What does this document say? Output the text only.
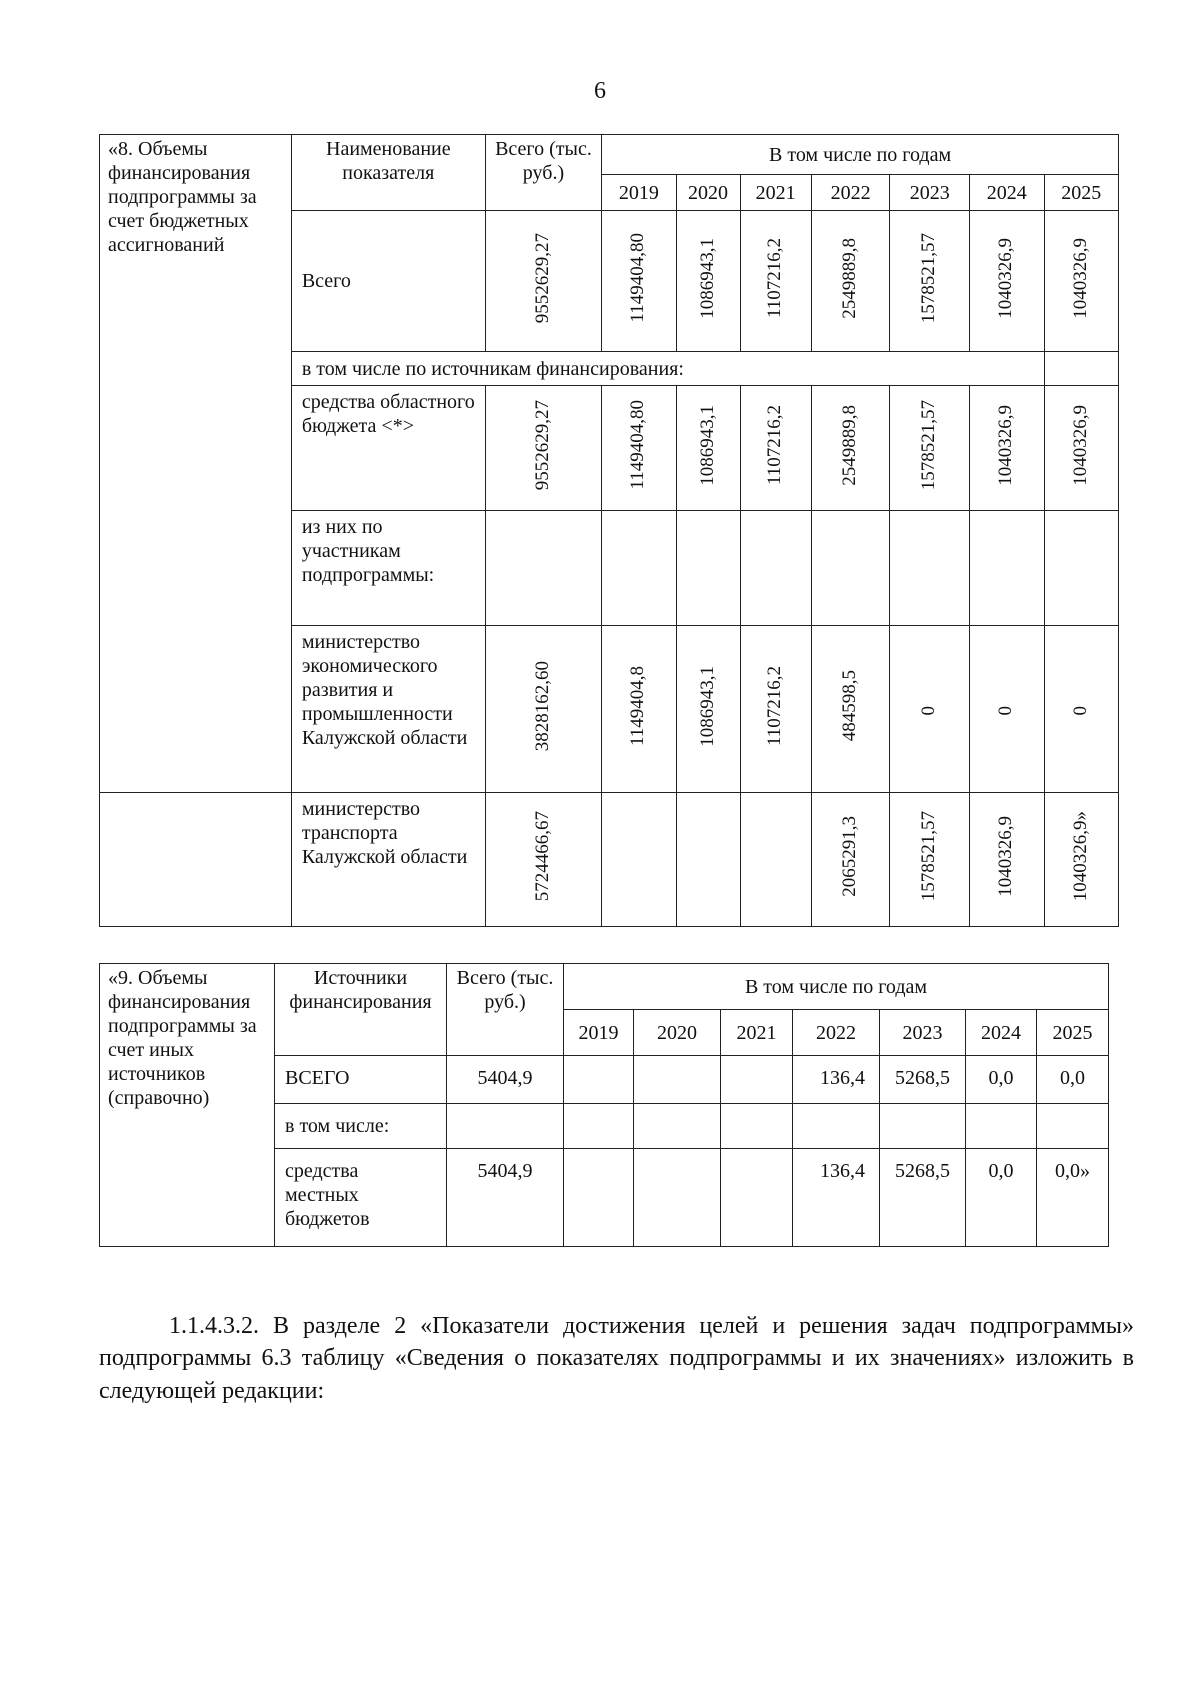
6
«8. Объемы финансирования подпрограммы за счет бюджетных ассигнований	Наименование показателя	Всего (тыс. руб.)	В том числе по годам						
			2019	2020	2021	2022	2023	2024	2025
	Всего	9552629,27	1149404,80	1086943,1	1107216,2	2549889,8	1578521,57	1040326,9	1040326,9
	в том числе по источникам финансирования:								
	средства областного бюджета <*>	9552629,27	1149404,80	1086943,1	1107216,2	2549889,8	1578521,57	1040326,9	1040326,9
	из них по участникам подпрограммы:								
	министерство экономического развития и промышленности Калужской области	3828162,60	1149404,8	1086943,1	1107216,2	484598,5	0	0	0
	министерство транспорта Калужской области	5724466,67				2065291,3	1578521,57	1040326,9	1040326,9»
«9. Объемы финансирования подпрограммы за счет иных источников (справочно)	Источники финансирования	Всего (тыс. руб.)	В том числе по годам						
			2019	2020	2021	2022	2023	2024	2025
	ВСЕГО	5404,9				136,4	5268,5	0,0	0,0
	в том числе:								
	средства местных бюджетов	5404,9				136,4	5268,5	0,0	0,0»

1.1.4.3.2. В разделе 2 «Показатели достижения целей и решения задач подпрограммы» подпрограммы 6.3 таблицу «Сведения о показателях подпрограммы и их значениях» изложить в следующей редакции:
